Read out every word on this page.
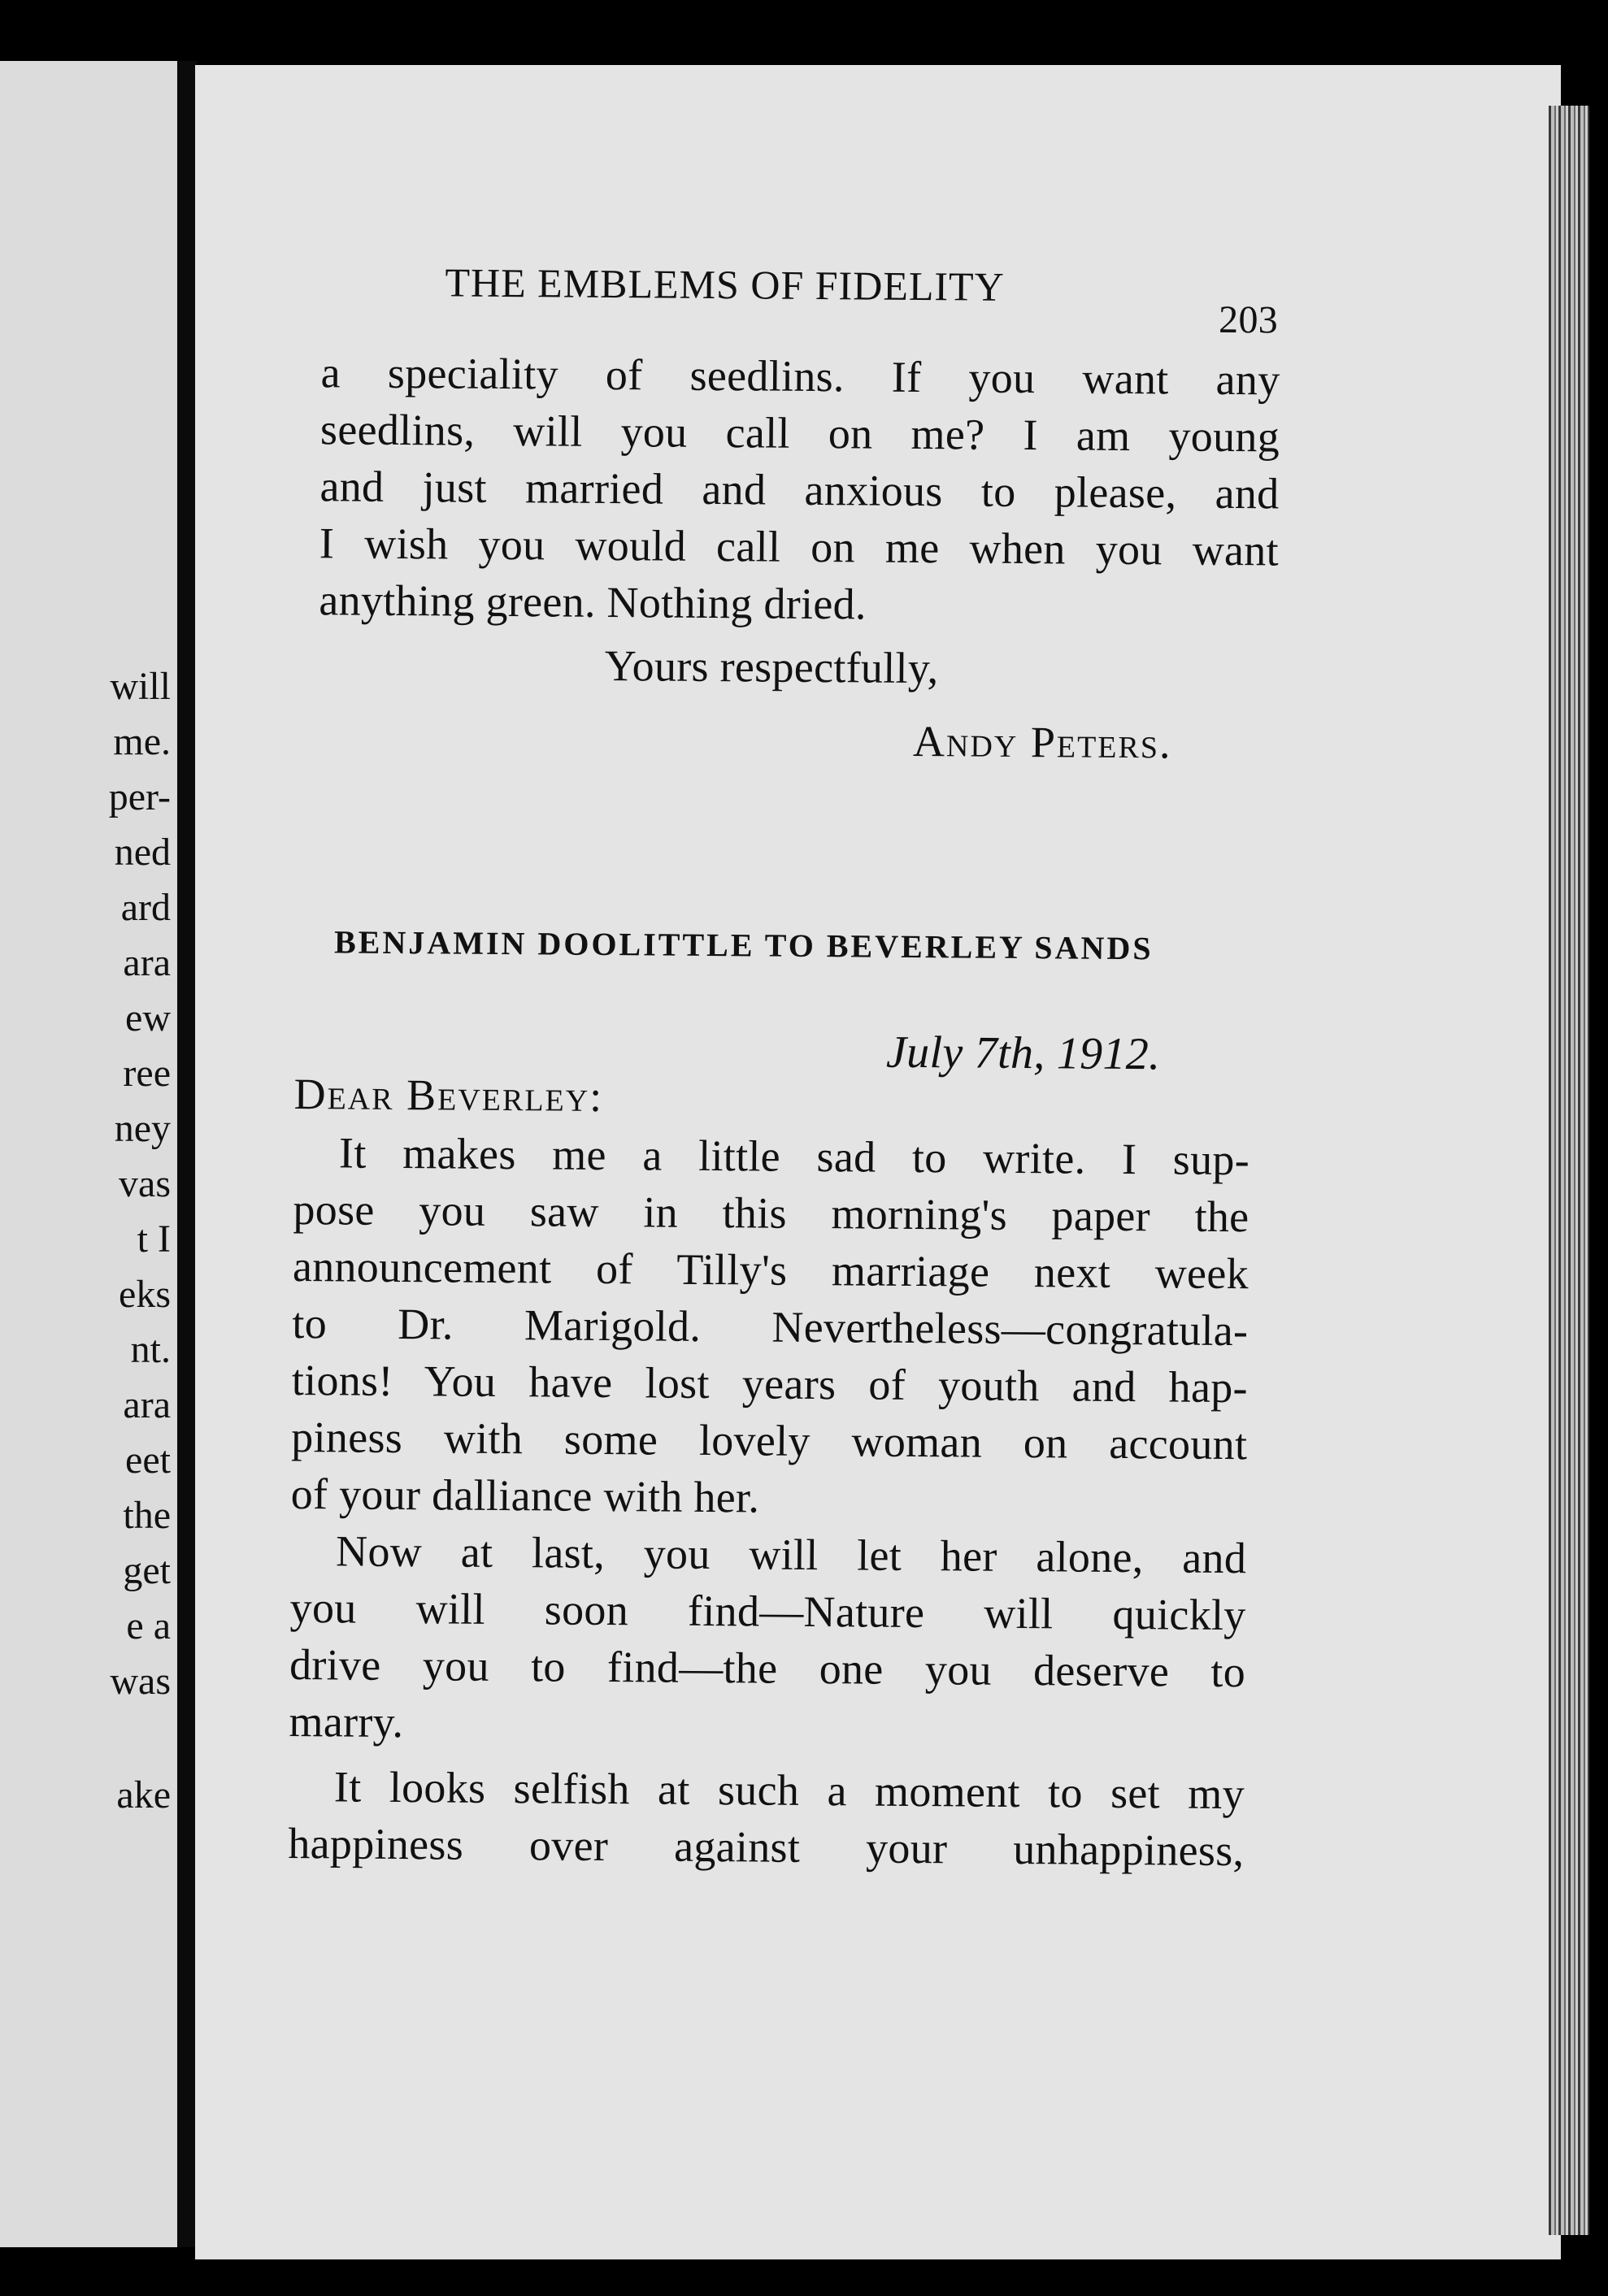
will
me.
per-
ned
ard
ara
ew
ree
ney
vas
t I
eks
nt.
ara
eet
the
get
e a
was
ake
THE EMBLEMS OF FIDELITY
203
a speciality of seedlins. If you want any
seedlins, will you call on me? I am young
and just married and anxious to please, and
I wish you would call on me when you want
anything green. Nothing dried.
Yours respectfully,
Andy Peters.
BENJAMIN DOOLITTLE TO BEVERLEY SANDS
July 7th, 1912.
Dear Beverley:
It makes me a little sad to write. I sup-
pose you saw in this morning's paper the
announcement of Tilly's marriage next week
to Dr. Marigold. Nevertheless—congratula-
tions! You have lost years of youth and hap-
piness with some lovely woman on account
of your dalliance with her.
Now at last, you will let her alone, and
you will soon find—Nature will quickly
drive you to find—the one you deserve to
marry.
It looks selfish at such a moment to set my
happiness over against your unhappiness,
